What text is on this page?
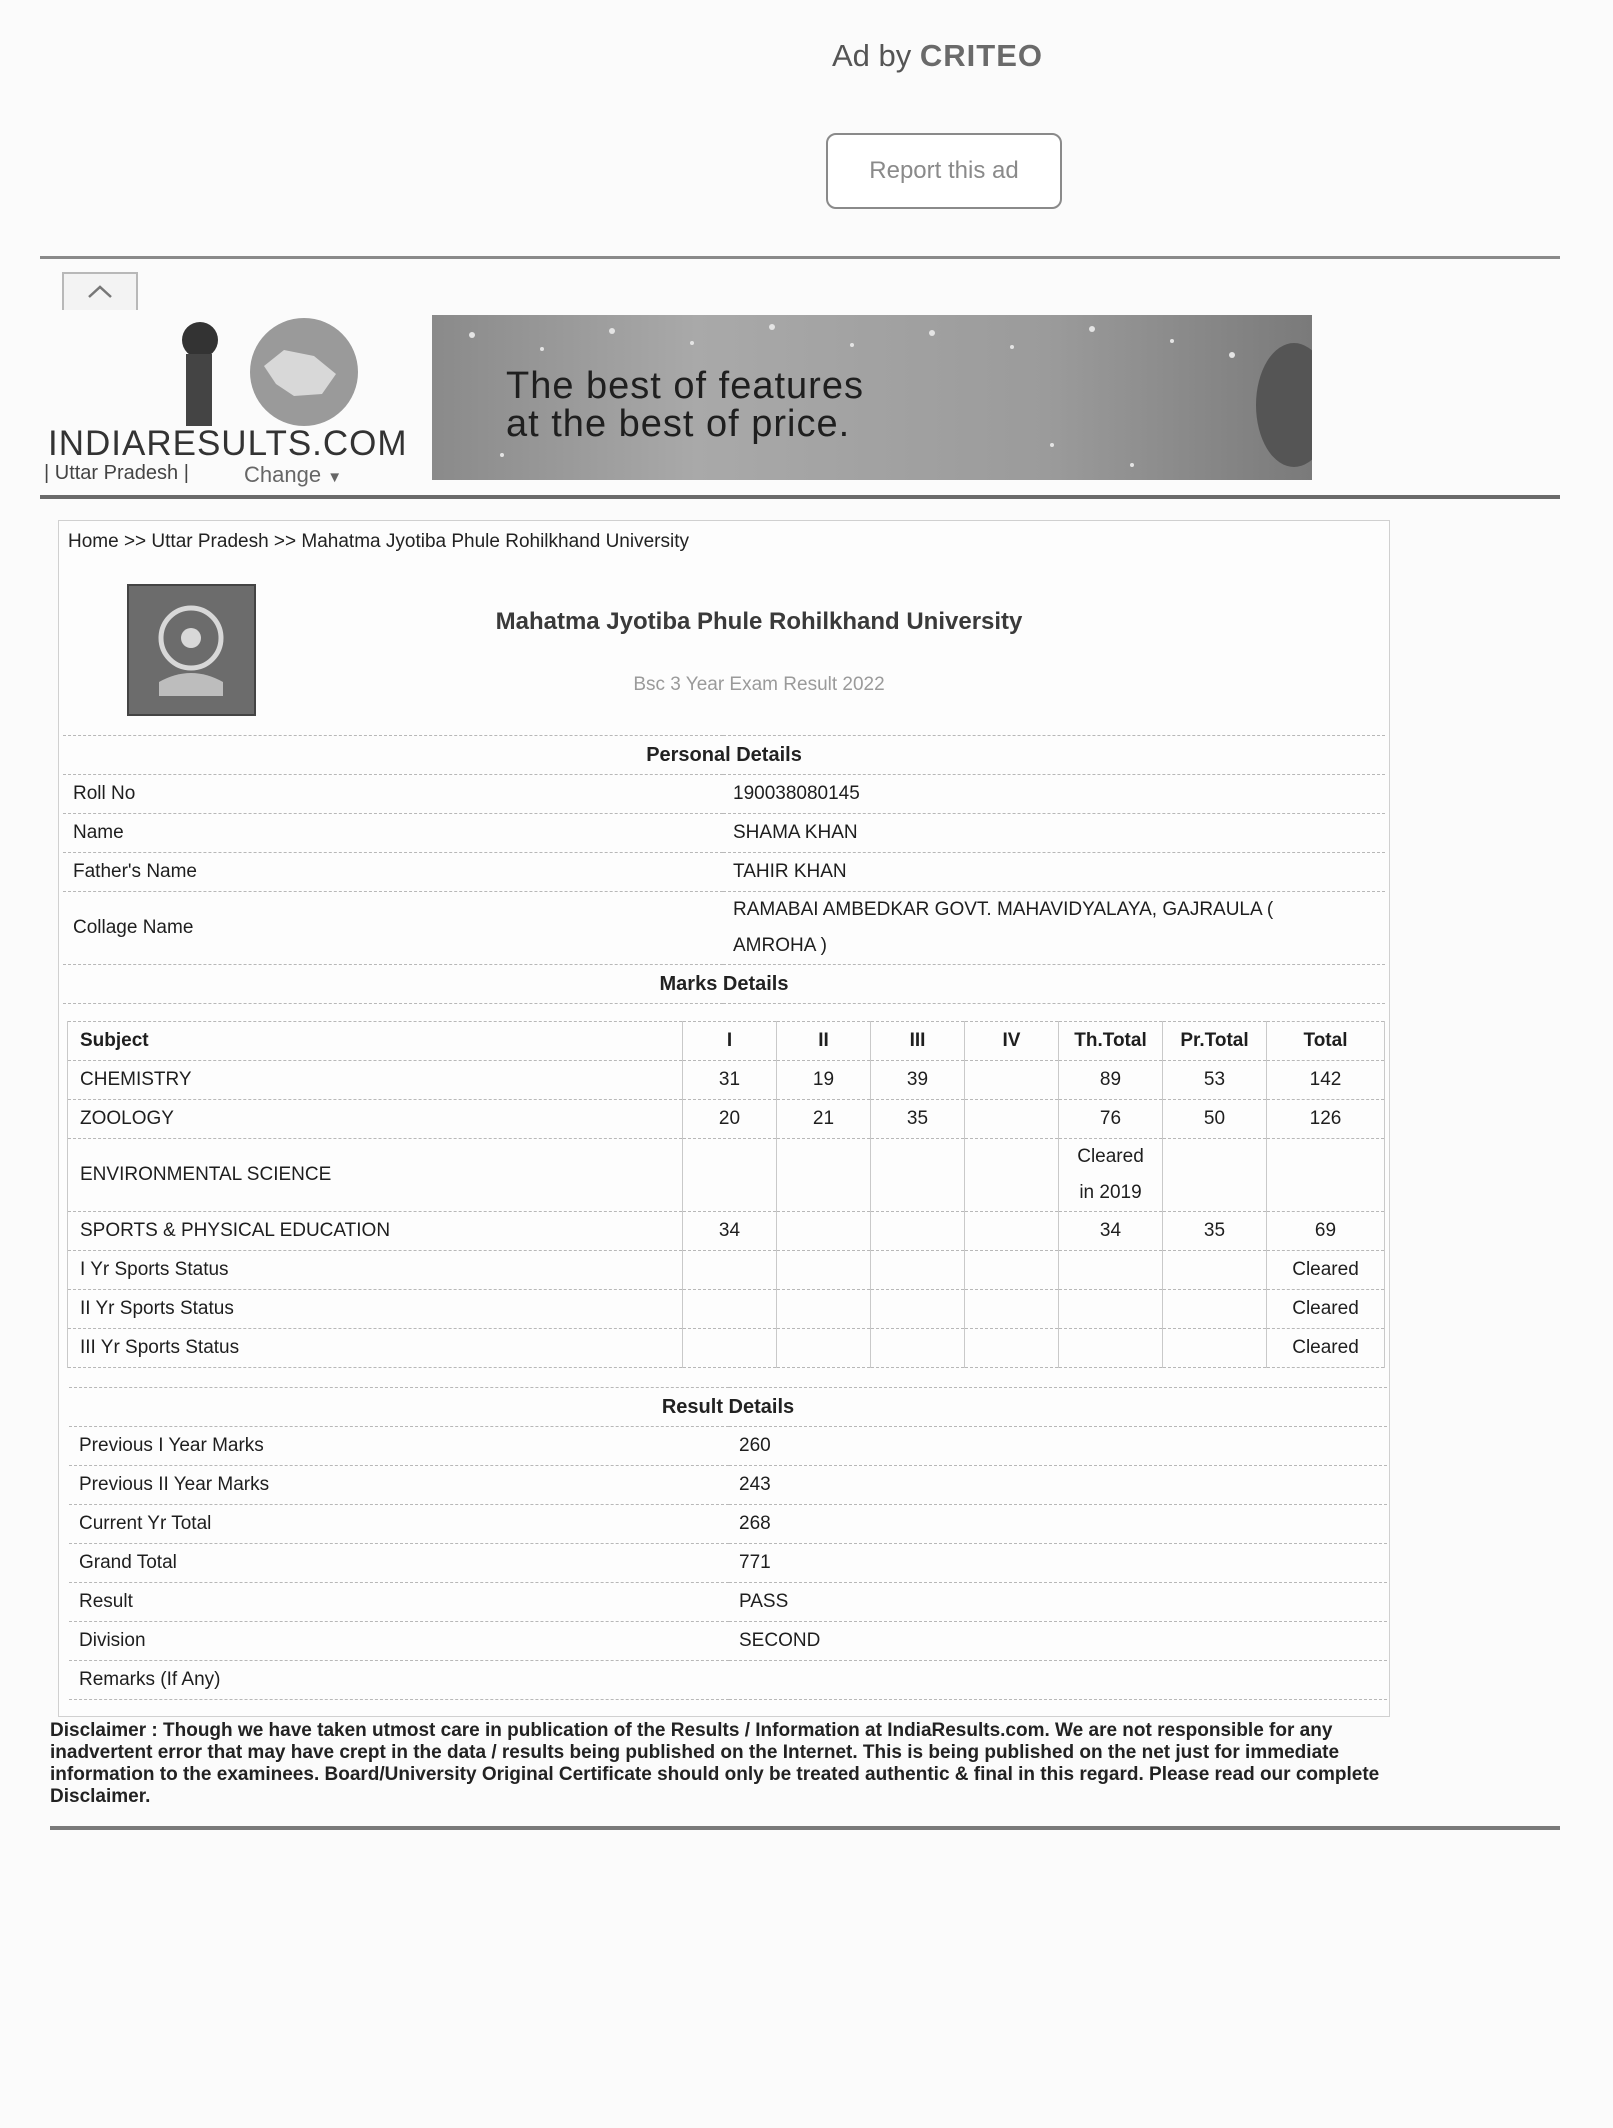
Ad by CRITEO
Report this ad
INDIARESULTS.COM
| Uttar Pradesh |	Change ▼
The best of features
at the best of price.
Home >> Uttar Pradesh >> Mahatma Jyotiba Phule Rohilkhand University
Mahatma Jyotiba Phule Rohilkhand University
Bsc 3 Year Exam Result 2022
Personal Details	
Roll No	190038080145
Name	SHAMA KHAN
Father's Name	TAHIR KHAN
Collage Name	RAMABAI AMBEDKAR GOVT. MAHAVIDYALAYA, GAJRAULA ( AMROHA )
Marks Details	
Subject	I	II	III	IV	Th.Total	Pr.Total	Total
CHEMISTRY	31	19	39		89	53	142
ZOOLOGY	20	21	35		76	50	126
ENVIRONMENTAL SCIENCE					Cleared in 2019		
SPORTS & PHYSICAL EDUCATION	34				34	35	69
I Yr Sports Status							Cleared
II Yr Sports Status							Cleared
III Yr Sports Status							Cleared
Result Details	
Previous I Year Marks	260
Previous II Year Marks	243
Current Yr Total	268
Grand Total	771
Result	PASS
Division	SECOND
Remarks (If Any)	
Disclaimer : Though we have taken utmost care in publication of the Results / Information at IndiaResults.com. We are not responsible for any inadvertent error that may have crept in the data / results being published on the Internet. This is being published on the net just for immediate information to the examinees. Board/University Original Certificate should only be treated authentic & final in this regard. Please read our complete Disclaimer.
